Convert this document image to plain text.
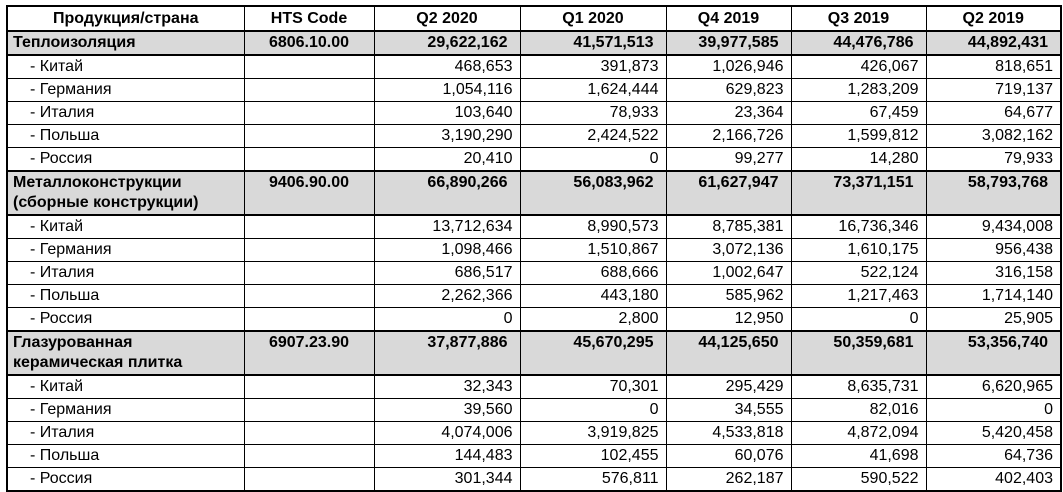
Продукция/страна	HTS Code	Q2 2020	Q1 2020	Q4 2019	Q3 2019	Q2 2019
Теплоизоляция	6806.10.00	29,622,162	41,571,513	39,977,585	44,476,786	44,892,431
- Китай		468,653	391,873	1,026,946	426,067	818,651
- Германия		1,054,116	1,624,444	629,823	1,283,209	719,137
- Италия		103,640	78,933	23,364	67,459	64,677
- Польша		3,190,290	2,424,522	2,166,726	1,599,812	3,082,162
- Россия		20,410	0	99,277	14,280	79,933
Металлоконструкции (сборные конструкции)	9406.90.00	66,890,266	56,083,962	61,627,947	73,371,151	58,793,768
- Китай		13,712,634	8,990,573	8,785,381	16,736,346	9,434,008
- Германия		1,098,466	1,510,867	3,072,136	1,610,175	956,438
- Италия		686,517	688,666	1,002,647	522,124	316,158
- Польша		2,262,366	443,180	585,962	1,217,463	1,714,140
- Россия		0	2,800	12,950	0	25,905
Глазурованная керамическая плитка	6907.23.90	37,877,886	45,670,295	44,125,650	50,359,681	53,356,740
- Китай		32,343	70,301	295,429	8,635,731	6,620,965
- Германия		39,560	0	34,555	82,016	0
- Италия		4,074,006	3,919,825	4,533,818	4,872,094	5,420,458
- Польша		144,483	102,455	60,076	41,698	64,736
- Россия		301,344	576,811	262,187	590,522	402,403
